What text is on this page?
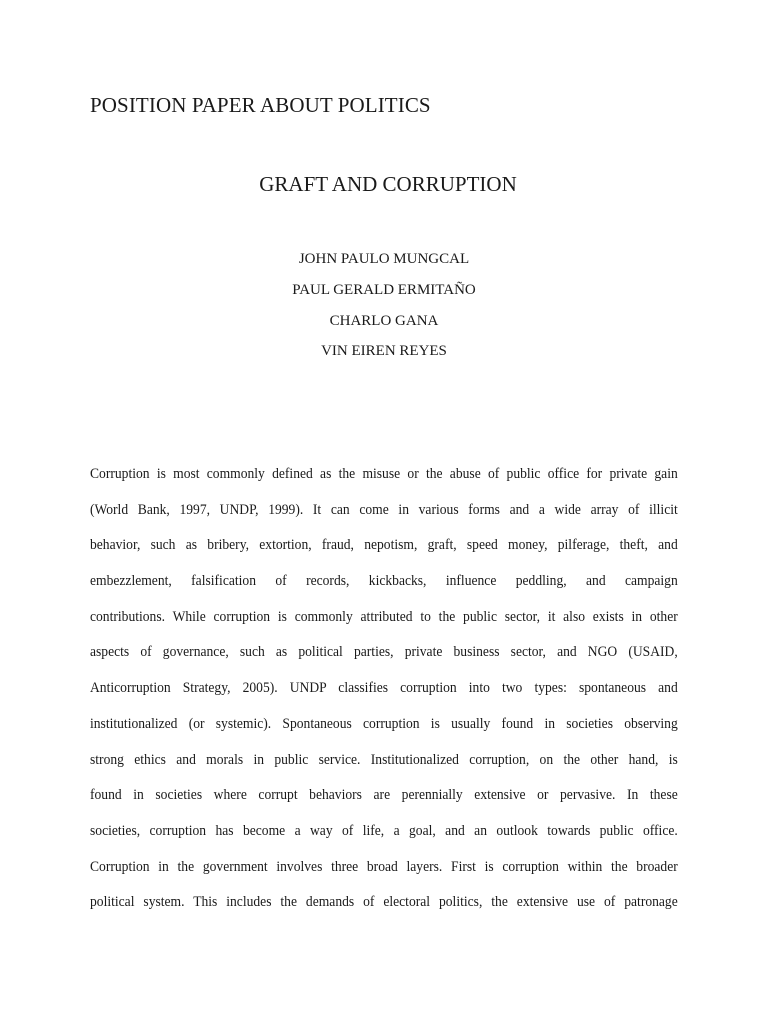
POSITION PAPER ABOUT POLITICS
GRAFT AND CORRUPTION
JOHN PAULO MUNGCAL
PAUL GERALD ERMITAÑO
CHARLO GANA
VIN EIREN REYES
Corruption is most commonly defined as the misuse or the abuse of public office for private gain
(World Bank, 1997, UNDP, 1999). It can come in various forms and a wide array of illicit
behavior, such as bribery, extortion, fraud, nepotism, graft, speed money, pilferage, theft, and
embezzlement, falsification of records, kickbacks, influence peddling, and campaign
contributions. While corruption is commonly attributed to the public sector, it also exists in other
aspects of governance, such as political parties, private business sector, and NGO (USAID,
Anticorruption Strategy, 2005). UNDP classifies corruption into two types: spontaneous and
institutionalized (or systemic). Spontaneous corruption is usually found in societies observing
strong ethics and morals in public service. Institutionalized corruption, on the other hand, is
found in societies where corrupt behaviors are perennially extensive or pervasive. In these
societies, corruption has become a way of life, a goal, and an outlook towards public office.
Corruption in the government involves three broad layers. First is corruption within the broader
political system. This includes the demands of electoral politics, the extensive use of patronage
